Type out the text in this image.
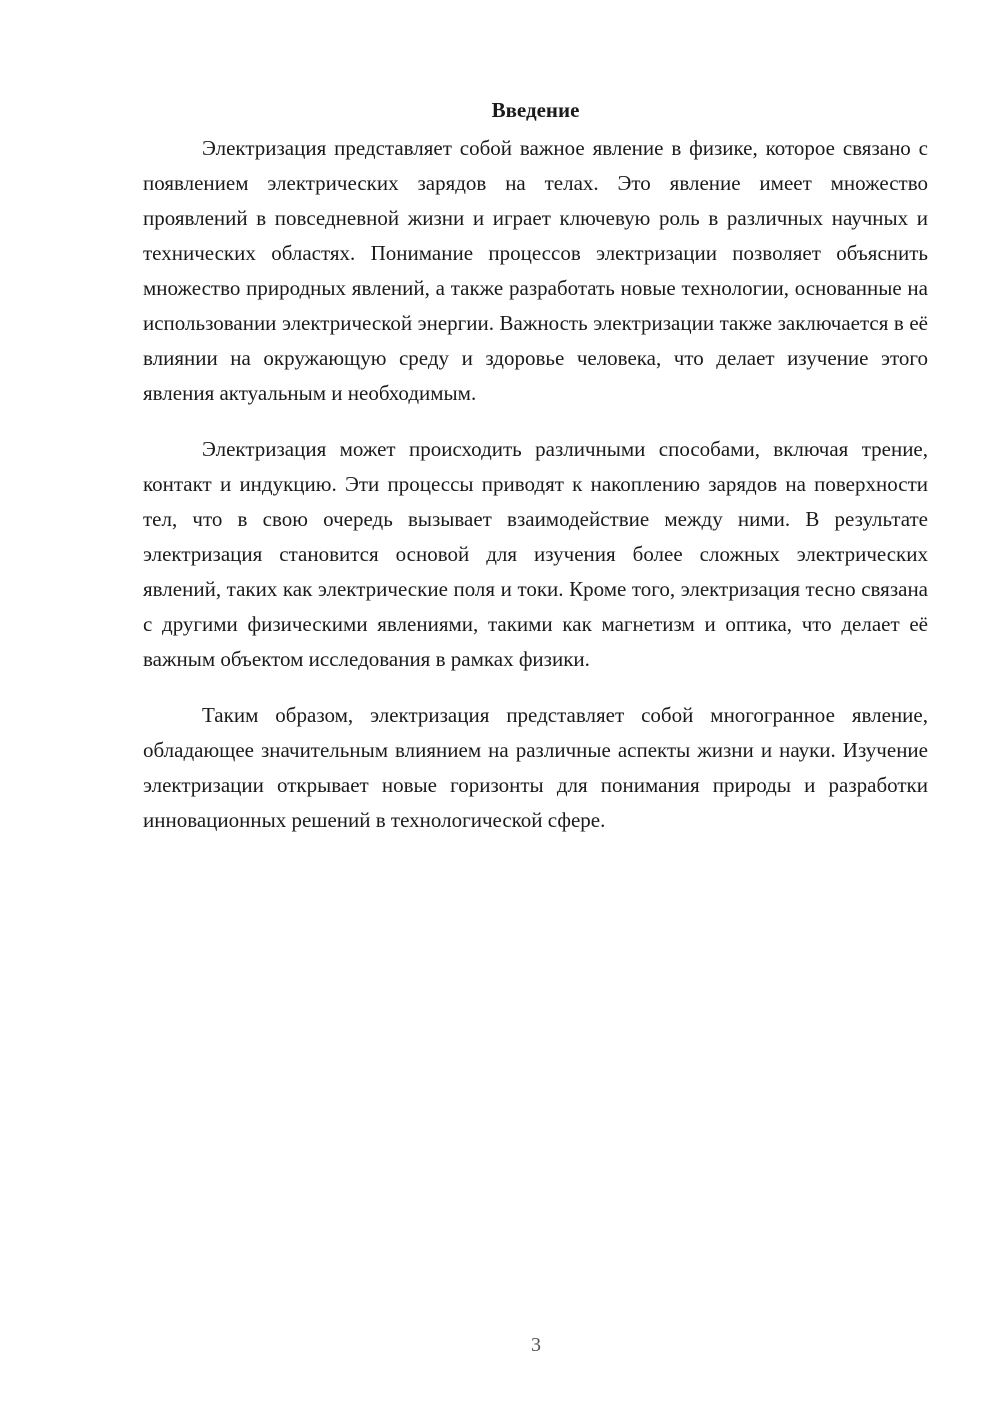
Введение

Электризация представляет собой важное явление в физике, которое связано с появлением электрических зарядов на телах. Это явление имеет множество проявлений в повседневной жизни и играет ключевую роль в различных научных и технических областях. Понимание процессов электризации позволяет объяснить множество природных явлений, а также разработать новые технологии, основанные на использовании электрической энергии. Важность электризации также заключается в её влиянии на окружающую среду и здоровье человека, что делает изучение этого явления актуальным и необходимым.

Электризация может происходить различными способами, включая трение, контакт и индукцию. Эти процессы приводят к накоплению зарядов на поверхности тел, что в свою очередь вызывает взаимодействие между ними. В результате электризация становится основой для изучения более сложных электрических явлений, таких как электрические поля и токи. Кроме того, электризация тесно связана с другими физическими явлениями, такими как магнетизм и оптика, что делает её важным объектом исследования в рамках физики.

Таким образом, электризация представляет собой многогранное явление, обладающее значительным влиянием на различные аспекты жизни и науки. Изучение электризации открывает новые горизонты для понимания природы и разработки инновационных решений в технологической сфере.

3
